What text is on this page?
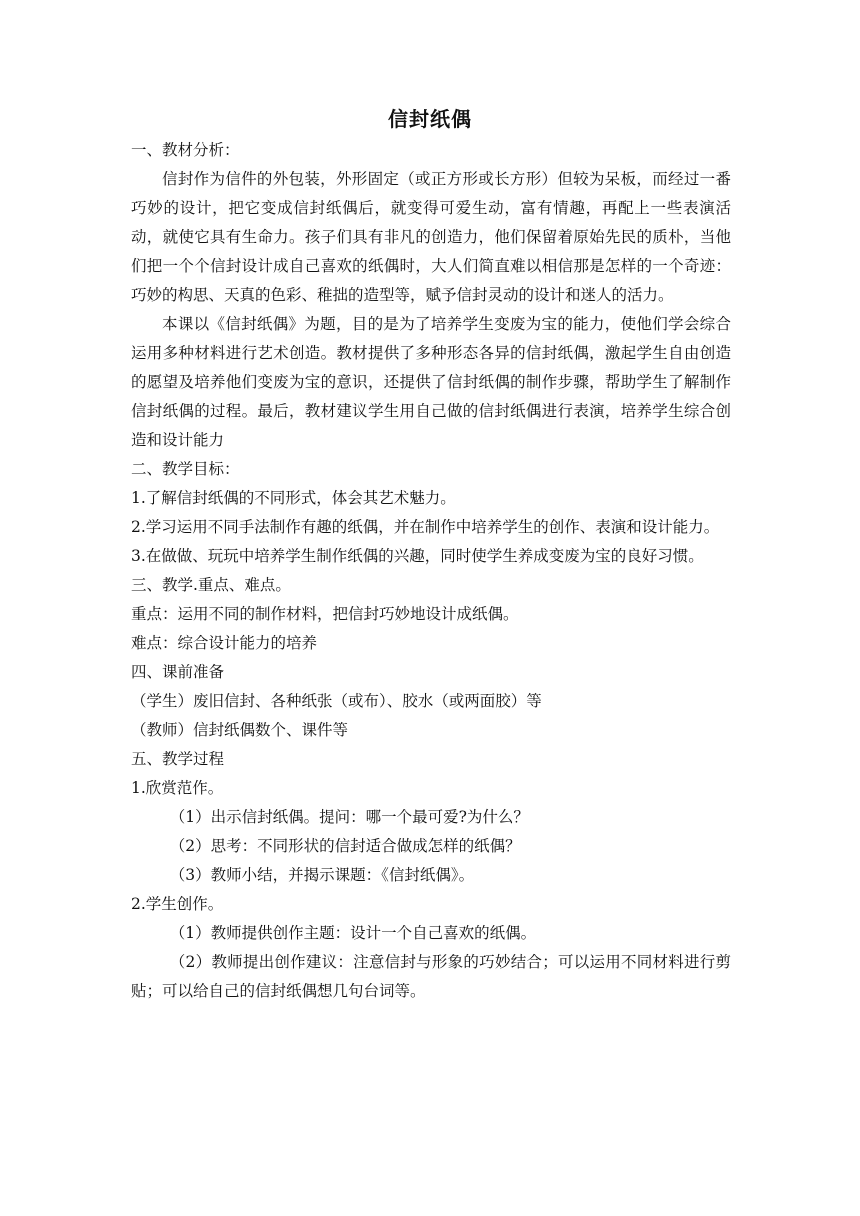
信封纸偶

一、教材分析：

信封作为信件的外包装，外形固定（或正方形或长方形）但较为呆板，而经过一番巧妙的设计，把它变成信封纸偶后，就变得可爱生动，富有情趣，再配上一些表演活动，就使它具有生命力。孩子们具有非凡的创造力，他们保留着原始先民的质朴，当他们把一个个信封设计成自己喜欢的纸偶时，大人们简直难以相信那是怎样的一个奇迹：巧妙的构思、天真的色彩、稚拙的造型等，赋予信封灵动的设计和迷人的活力。

本课以《信封纸偶》为题，目的是为了培养学生变废为宝的能力，使他们学会综合运用多种材料进行艺术创造。教材提供了多种形态各异的信封纸偶，激起学生自由创造的愿望及培养他们变废为宝的意识，还提供了信封纸偶的制作步骤，帮助学生了解制作信封纸偶的过程。最后，教材建议学生用自己做的信封纸偶进行表演，培养学生综合创造和设计能力

二、教学目标：

1.了解信封纸偶的不同形式，体会其艺术魅力。

2.学习运用不同手法制作有趣的纸偶，并在制作中培养学生的创作、表演和设计能力。

3.在做做、玩玩中培养学生制作纸偶的兴趣，同时使学生养成变废为宝的良好习惯。

三、教学.重点、难点。

重点：运用不同的制作材料，把信封巧妙地设计成纸偶。

难点：综合设计能力的培养

四、课前准备

（学生）废旧信封、各种纸张（或布）、胶水（或两面胶）等

（教师）信封纸偶数个、课件等

五、教学过程

1.欣赏范作。

（1）出示信封纸偶。提问：哪一个最可爱?为什么？

（2）思考：不同形状的信封适合做成怎样的纸偶？

（3）教师小结，并揭示课题：《信封纸偶》。

2.学生创作。

（1）教师提供创作主题：设计一个自己喜欢的纸偶。

（2）教师提出创作建议：注意信封与形象的巧妙结合；可以运用不同材料进行剪贴；可以给自己的信封纸偶想几句台词等。
